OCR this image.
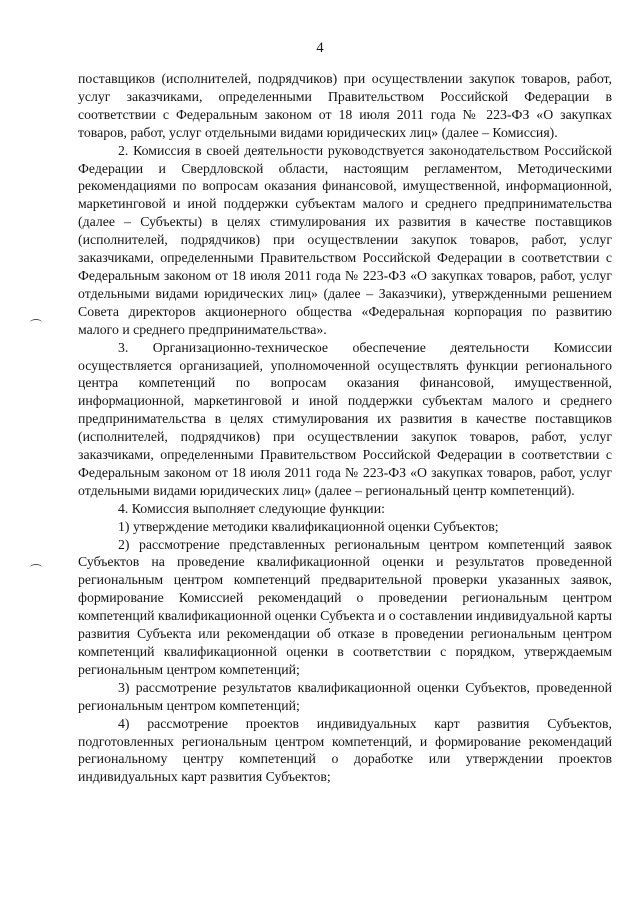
4

поставщиков (исполнителей, подрядчиков) при осуществлении закупок товаров, работ, услуг заказчиками, определенными Правительством Российской Федерации в соответствии с Федеральным законом от 18 июля 2011 года № 223-ФЗ «О закупках товаров, работ, услуг отдельными видами юридических лиц» (далее – Комиссия).

2. Комиссия в своей деятельности руководствуется законодательством Российской Федерации и Свердловской области, настоящим регламентом, Методическими рекомендациями по вопросам оказания финансовой, имущественной, информационной, маркетинговой и иной поддержки субъектам малого и среднего предпринимательства (далее – Субъекты) в целях стимулирования их развития в качестве поставщиков (исполнителей, подрядчиков) при осуществлении закупок товаров, работ, услуг заказчиками, определенными Правительством Российской Федерации в соответствии с Федеральным законом от 18 июля 2011 года № 223-ФЗ «О закупках товаров, работ, услуг отдельными видами юридических лиц» (далее – Заказчики), утвержденными решением Совета директоров акционерного общества «Федеральная корпорация по развитию малого и среднего предпринимательства».

3. Организационно-техническое обеспечение деятельности Комиссии осуществляется организацией, уполномоченной осуществлять функции регионального центра компетенций по вопросам оказания финансовой, имущественной, информационной, маркетинговой и иной поддержки субъектам малого и среднего предпринимательства в целях стимулирования их развития в качестве поставщиков (исполнителей, подрядчиков) при осуществлении закупок товаров, работ, услуг заказчиками, определенными Правительством Российской Федерации в соответствии с Федеральным законом от 18 июля 2011 года № 223-ФЗ «О закупках товаров, работ, услуг отдельными видами юридических лиц» (далее – региональный центр компетенций).

4. Комиссия выполняет следующие функции:

1) утверждение методики квалификационной оценки Субъектов;

2) рассмотрение представленных региональным центром компетенций заявок Субъектов на проведение квалификационной оценки и результатов проведенной региональным центром компетенций предварительной проверки указанных заявок, формирование Комиссией рекомендаций о проведении региональным центром компетенций квалификационной оценки Субъекта и о составлении индивидуальной карты развития Субъекта или рекомендации об отказе в проведении региональным центром компетенций квалификационной оценки в соответствии с порядком, утверждаемым региональным центром компетенций;

3) рассмотрение результатов квалификационной оценки Субъектов, проведенной региональным центром компетенций;

4) рассмотрение проектов индивидуальных карт развития Субъектов, подготовленных региональным центром компетенций, и формирование рекомендаций региональному центру компетенций о доработке или утверждении проектов индивидуальных карт развития Субъектов;
